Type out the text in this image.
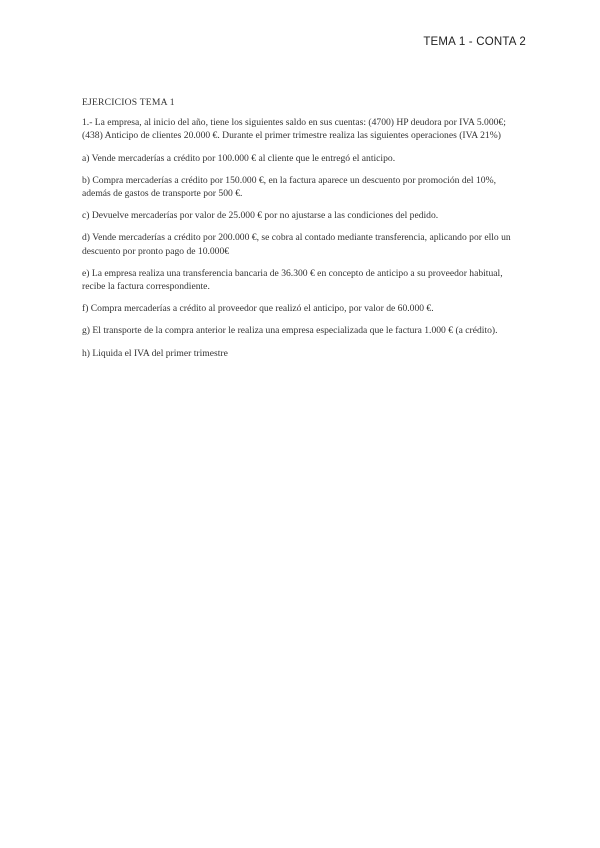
TEMA 1 - CONTA 2
EJERCICIOS TEMA 1

1.- La empresa, al inicio del año, tiene los siguientes saldo en sus cuentas: (4700) HP deudora por IVA 5.000€; (438) Anticipo de clientes 20.000 €. Durante el primer trimestre realiza las siguientes operaciones (IVA 21%)

a) Vende mercaderías a crédito por 100.000 € al cliente que le entregó el anticipo.

b) Compra mercaderías a crédito por 150.000 €, en la factura aparece un descuento por promoción del 10%, además de gastos de transporte por 500 €.

c) Devuelve mercaderías por valor de 25.000 € por no ajustarse a las condiciones del pedido.

d) Vende mercaderías a crédito por 200.000 €, se cobra al contado mediante transferencia, aplicando por ello un descuento por pronto pago de 10.000€

e) La empresa realiza una transferencia bancaria de 36.300 € en concepto de anticipo a su proveedor habitual, recibe la factura correspondiente.

f) Compra mercaderías a crédito al proveedor que realizó el anticipo, por valor de 60.000 €.

g) El transporte de la compra anterior le realiza una empresa especializada que le factura 1.000 € (a crédito).

h) Liquida el IVA del primer trimestre
